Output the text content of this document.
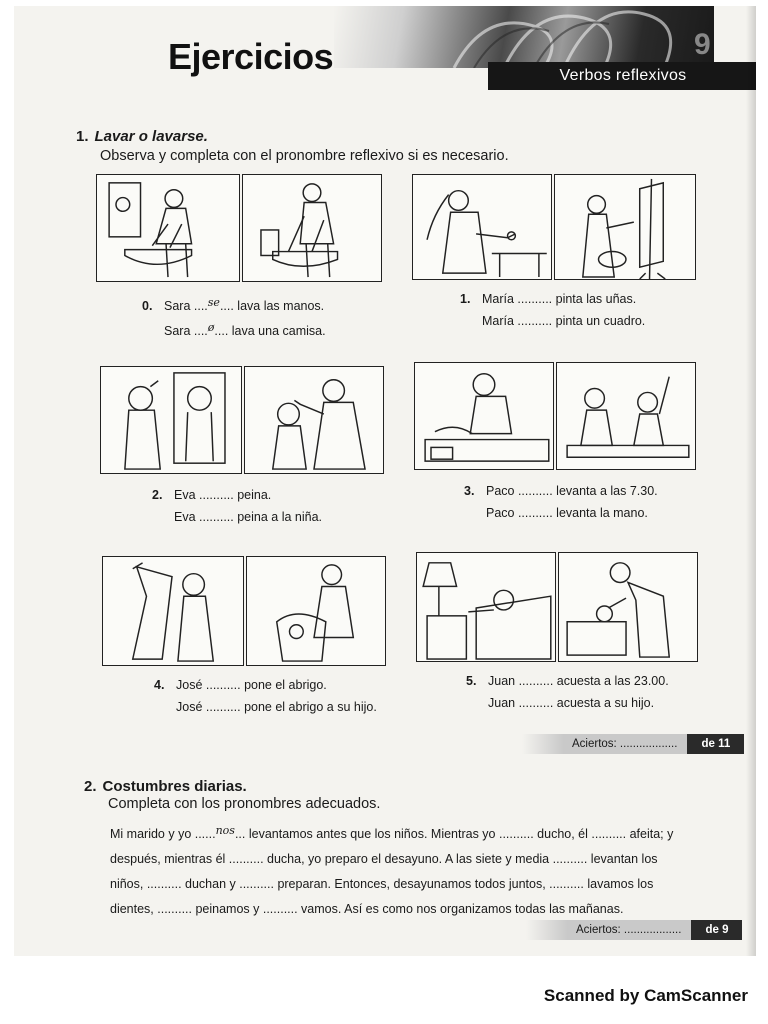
Ejercicios	9
Verbos reflexivos
1. Lavar o lavarse.
Observa y completa con el pronombre reflexivo si es necesario.
0. Sara ....se.... lava las manos.
Sara ....ø.... lava una camisa.
1. María .......... pinta las uñas.
María .......... pinta un cuadro.
2. Eva .......... peina.
Eva .......... peina a la niña.
3. Paco .......... levanta a las 7.30.
Paco .......... levanta la mano.
4. José .......... pone el abrigo.
José .......... pone el abrigo a su hijo.
5. Juan .......... acuesta a las 23.00.
Juan .......... acuesta a su hijo.
Aciertos: ..................	de 11
2. Costumbres diarias.
Completa con los pronombres adecuados.
Mi marido y yo ......nos... levantamos antes que los niños. Mientras yo .......... ducho, él .......... afeita; y después, mientras él .......... ducha, yo preparo el desayuno. A las siete y media .......... levantan los niños, .......... duchan y .......... preparan. Entonces, desayunamos todos juntos, .......... lavamos los dientes, .......... peinamos y .......... vamos. Así es como nos organizamos todas las mañanas.
Aciertos: ..................	de 9
Scanned by CamScanner
